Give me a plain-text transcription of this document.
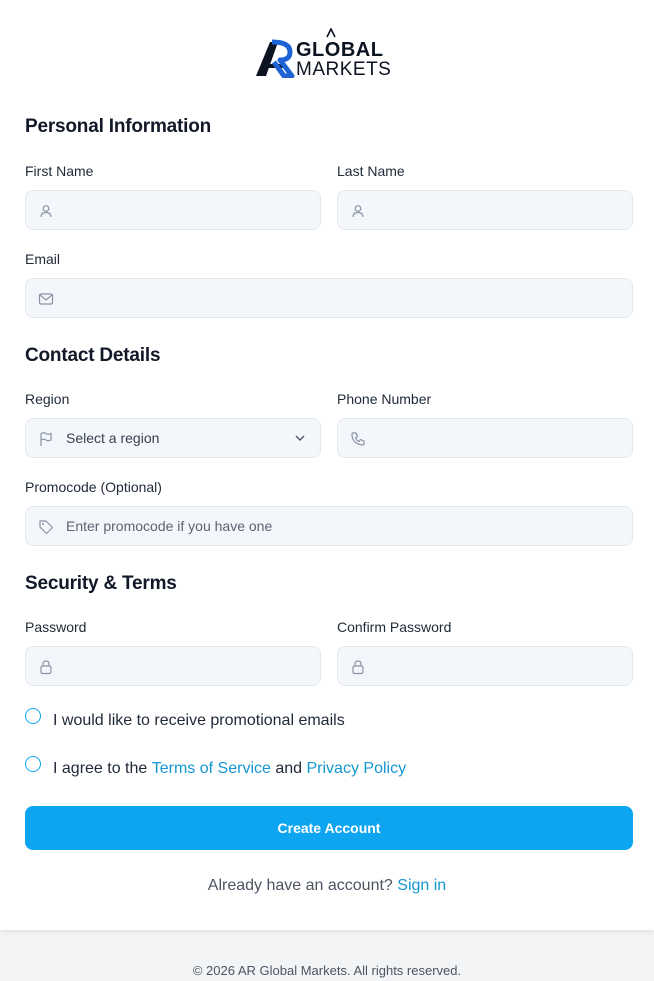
GLOBAL
MARKETS
Personal Information
First Name	Last Name
Email
Contact Details
Region
Select a region
Phone Number
Promocode (Optional)
Enter promocode if you have one
Security & Terms
Password	Confirm Password
I would like to receive promotional emails
I agree to the
Terms of Service
and
Privacy Policy
Create Account
Already have an account? Sign in
© 2026 AR Global Markets. All rights reserved.
